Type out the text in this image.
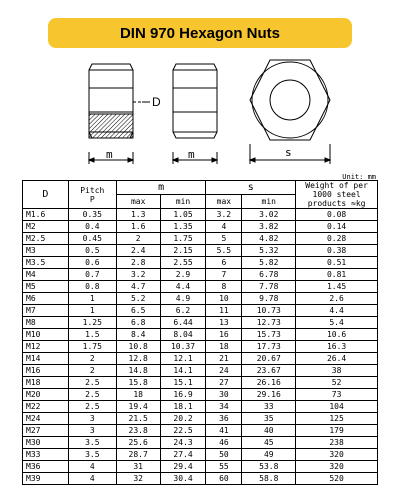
DIN 970 Hexagon Nuts
D
m	m	s
Unit: mm
D	Pitch
P	m		s		Weight of per
1000 steel
products ≈kg
		max	min	max	min	
M1.6	0.35	1.3	1.05	3.2	3.02	0.08
M2	0.4	1.6	1.35	4	3.82	0.14
M2.5	0.45	2	1.75	5	4.82	0.28
M3	0.5	2.4	2.15	5.5	5.32	0.38
M3.5	0.6	2.8	2.55	6	5.82	0.51
M4	0.7	3.2	2.9	7	6.78	0.81
M5	0.8	4.7	4.4	8	7.78	1.45
M6	1	5.2	4.9	10	9.78	2.6
M7	1	6.5	6.2	11	10.73	4.4
M8	1.25	6.8	6.44	13	12.73	5.4
M10	1.5	8.4	8.04	16	15.73	10.6
M12	1.75	10.8	10.37	18	17.73	16.3
M14	2	12.8	12.1	21	20.67	26.4
M16	2	14.8	14.1	24	23.67	38
M18	2.5	15.8	15.1	27	26.16	52
M20	2.5	18	16.9	30	29.16	73
M22	2.5	19.4	18.1	34	33	104
M24	3	21.5	20.2	36	35	125
M27	3	23.8	22.5	41	40	179
M30	3.5	25.6	24.3	46	45	238
M33	3.5	28.7	27.4	50	49	320
M36	4	31	29.4	55	53.8	320
M39	4	32	30.4	60	58.8	520
